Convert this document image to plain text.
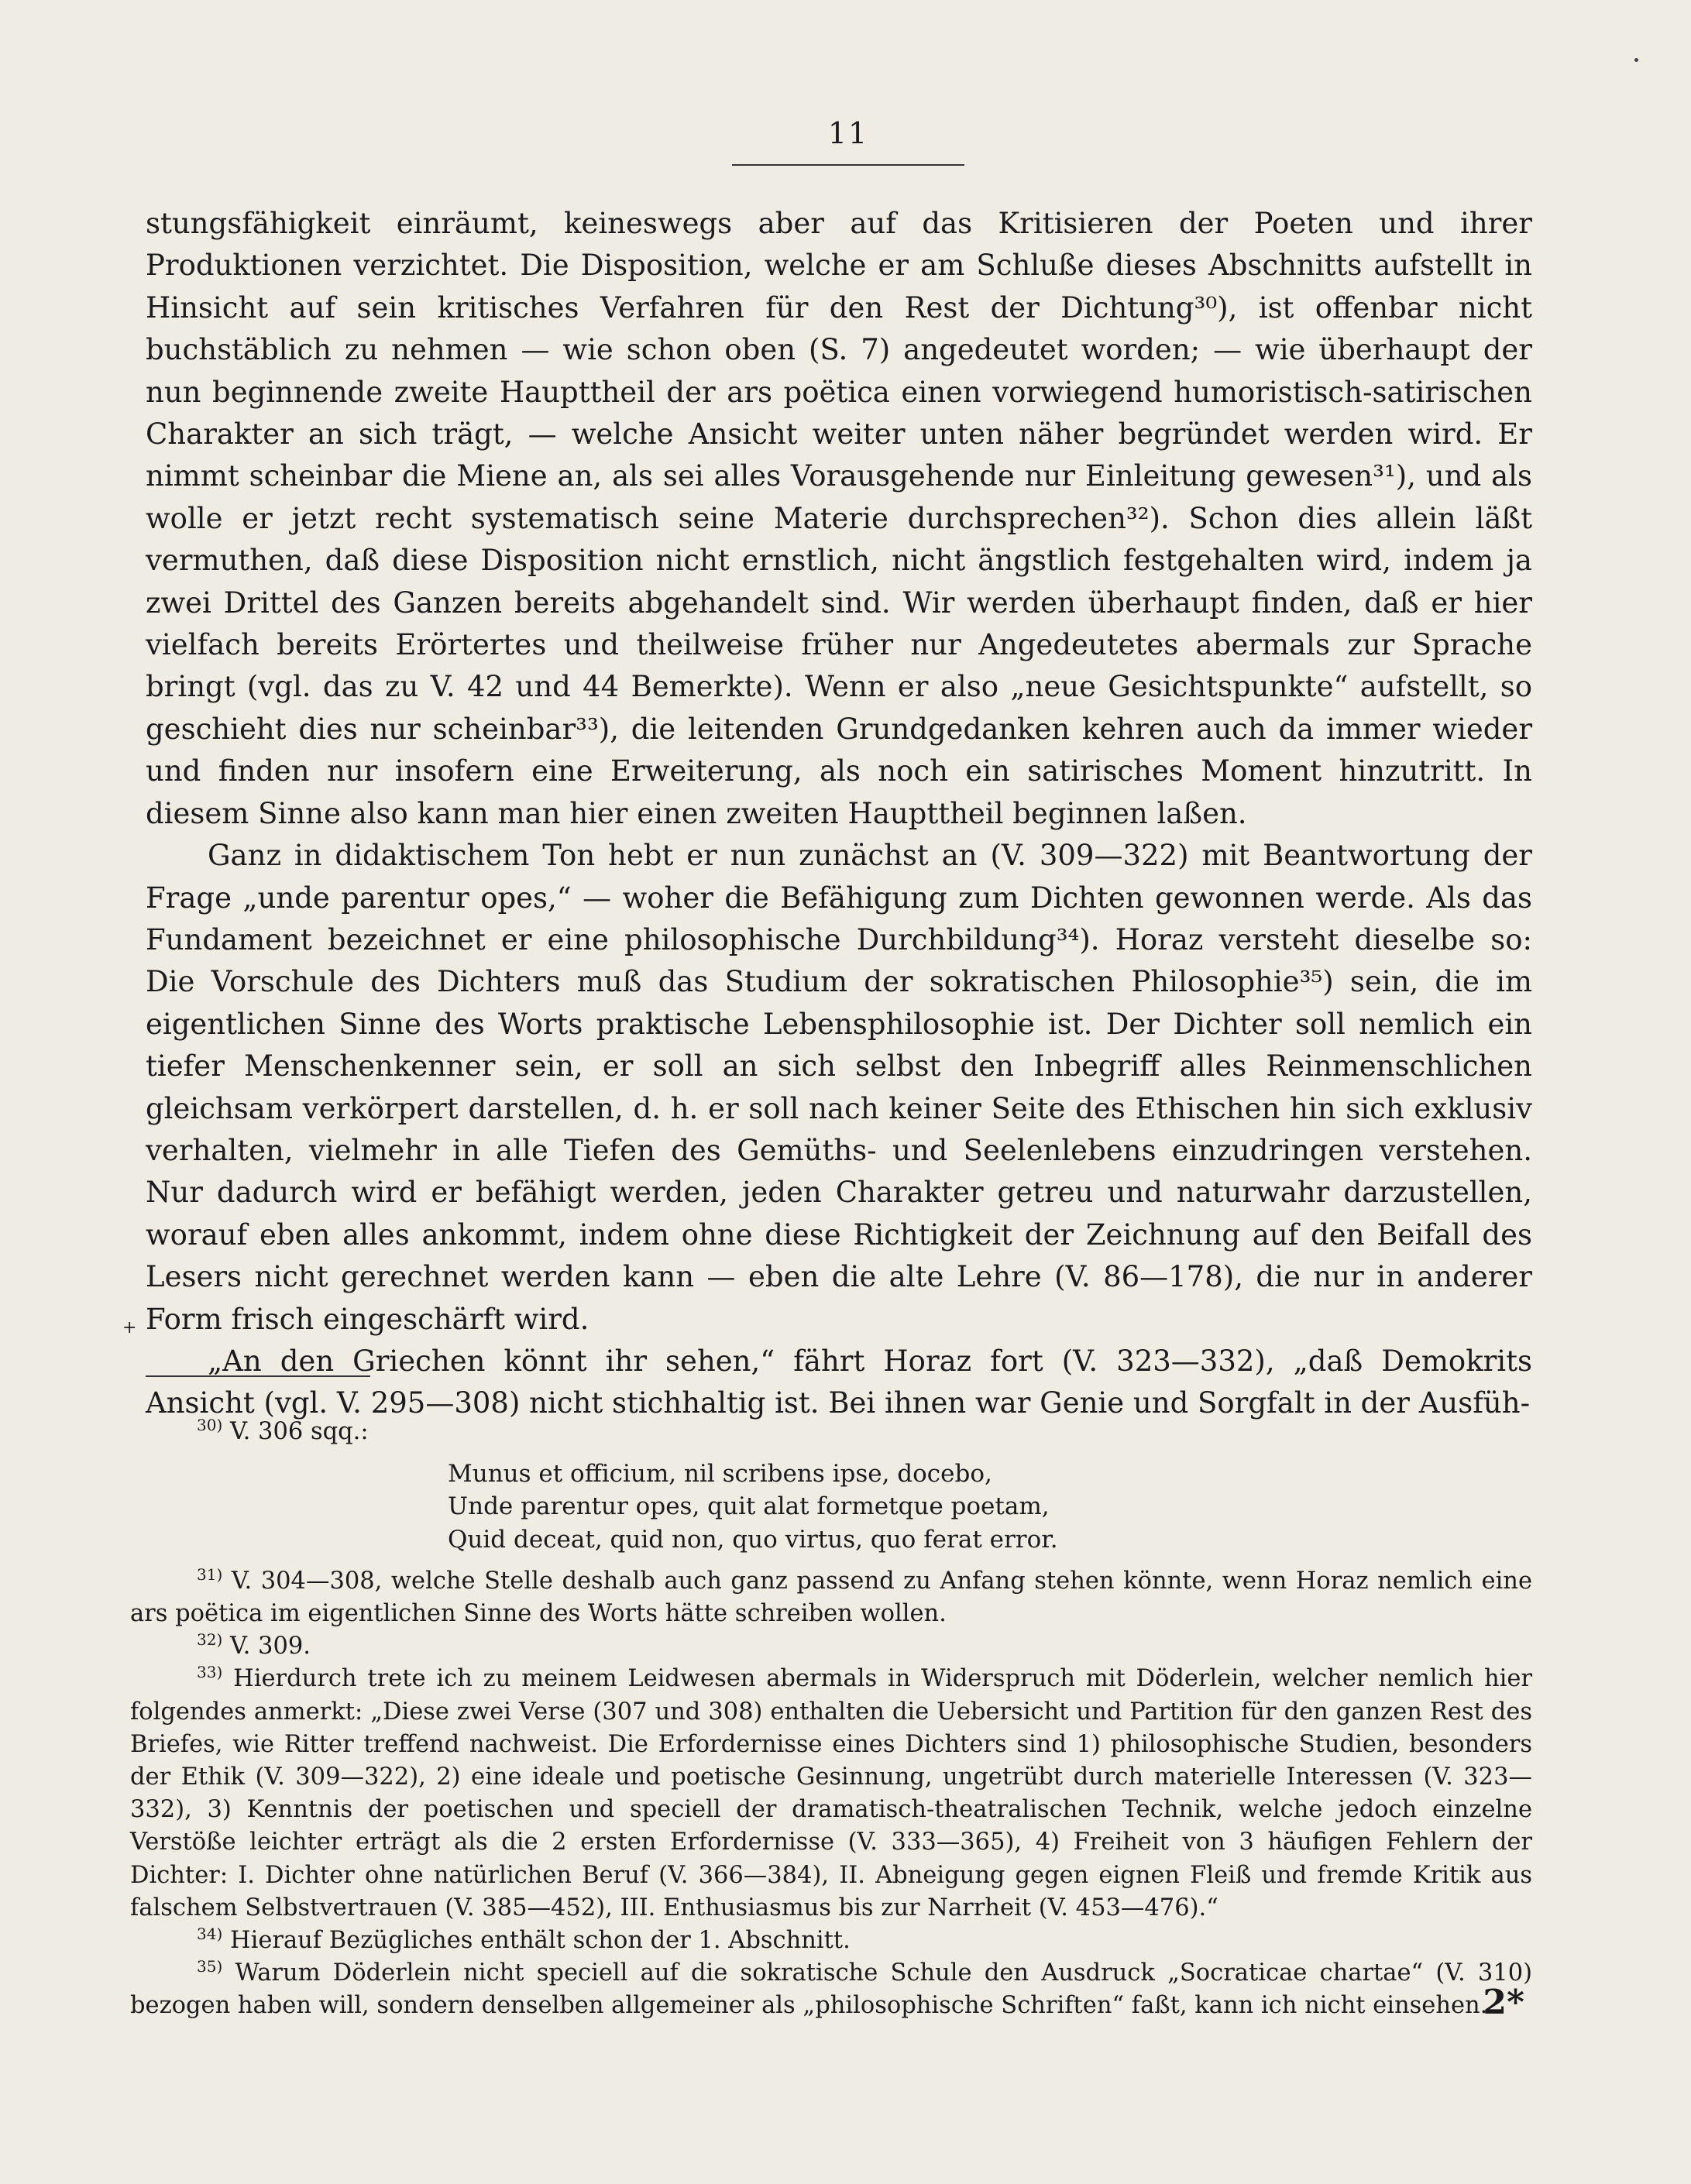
11

stungsfähigkeit einräumt, keineswegs aber auf das Kritisieren der Poeten und ihrer Produktionen verzichtet. Die Disposition, welche er am Schluße dieses Abschnitts aufstellt in Hinsicht auf sein kritisches Verfahren für den Rest der Dichtung³⁰), ist offenbar nicht buchstäblich zu nehmen — wie schon oben (S. 7) angedeutet worden; — wie überhaupt der nun beginnende zweite Haupttheil der ars poëtica einen vorwiegend humoristisch-satirischen Charakter an sich trägt, — welche Ansicht weiter unten näher begründet werden wird. Er nimmt scheinbar die Miene an, als sei alles Vorausgehende nur Einleitung gewesen³¹), und als wolle er jetzt recht systematisch seine Materie durchsprechen³²). Schon dies allein läßt vermuthen, daß diese Disposition nicht ernstlich, nicht ängstlich festgehalten wird, indem ja zwei Drittel des Ganzen bereits abgehandelt sind. Wir werden überhaupt finden, daß er hier vielfach bereits Erörtertes und theilweise früher nur Angedeutetes abermals zur Sprache bringt (vgl. das zu V. 42 und 44 Bemerkte). Wenn er also „neue Gesichtspunkte“ aufstellt, so geschieht dies nur scheinbar³³), die leitenden Grundgedanken kehren auch da immer wieder und finden nur insofern eine Erweiterung, als noch ein satirisches Moment hinzutritt. In diesem Sinne also kann man hier einen zweiten Haupttheil beginnen laßen.

Ganz in didaktischem Ton hebt er nun zunächst an (V. 309—322) mit Beantwortung der Frage „unde parentur opes,“ — woher die Befähigung zum Dichten gewonnen werde. Als das Fundament bezeichnet er eine philosophische Durchbildung³⁴). Horaz versteht dieselbe so: Die Vorschule des Dichters muß das Studium der sokratischen Philosophie³⁵) sein, die im eigentlichen Sinne des Worts praktische Lebensphilosophie ist. Der Dichter soll nemlich ein tiefer Menschenkenner sein, er soll an sich selbst den Inbegriff alles Reinmenschlichen gleichsam verkörpert darstellen, d. h. er soll nach keiner Seite des Ethischen hin sich exklusiv verhalten, vielmehr in alle Tiefen des Gemüths- und Seelenlebens einzudringen verstehen. Nur dadurch wird er befähigt werden, jeden Charakter getreu und naturwahr darzustellen, worauf eben alles ankommt, indem ohne diese Richtigkeit der Zeichnung auf den Beifall des Lesers nicht gerechnet werden kann — eben die alte Lehre (V. 86—178), die nur in anderer Form frisch eingeschärft wird.

„An den Griechen könnt ihr sehen,“ fährt Horaz fort (V. 323—332), „daß Demokrits Ansicht (vgl. V. 295—308) nicht stichhaltig ist. Bei ihnen war Genie und Sorgfalt in der Ausfüh-

+

$^{30)}$ V. 306 sqq.:

Munus et officium, nil scribens ipse, docebo,
Unde parentur opes, quit alat formetque poetam,
Quid deceat, quid non, quo virtus, quo ferat error.

$^{31)}$ V. 304—308, welche Stelle deshalb auch ganz passend zu Anfang stehen könnte, wenn Horaz nemlich eine ars poëtica im eigentlichen Sinne des Worts hätte schreiben wollen.

$^{32)}$ V. 309.

$^{33)}$ Hierdurch trete ich zu meinem Leidwesen abermals in Widerspruch mit Döderlein, welcher nemlich hier folgendes anmerkt: „Diese zwei Verse (307 und 308) enthalten die Uebersicht und Partition für den ganzen Rest des Briefes, wie Ritter treffend nachweist. Die Erfordernisse eines Dichters sind 1) philosophische Studien, besonders der Ethik (V. 309—322), 2) eine ideale und poetische Gesinnung, ungetrübt durch materielle Interessen (V. 323—332), 3) Kenntnis der poetischen und speciell der dramatisch-theatralischen Technik, welche jedoch einzelne Verstöße leichter erträgt als die 2 ersten Erfordernisse (V. 333—365), 4) Freiheit von 3 häufigen Fehlern der Dichter: I. Dichter ohne natürlichen Beruf (V. 366—384), II. Abneigung gegen eignen Fleiß und fremde Kritik aus falschem Selbstvertrauen (V. 385—452), III. Enthusiasmus bis zur Narrheit (V. 453—476).“

$^{34)}$ Hierauf Bezügliches enthält schon der 1. Abschnitt.

$^{35)}$ Warum Döderlein nicht speciell auf die sokratische Schule den Ausdruck „Socraticae chartae“ (V. 310) bezogen haben will, sondern denselben allgemeiner als „philosophische Schriften“ faßt, kann ich nicht einsehen.

2*
